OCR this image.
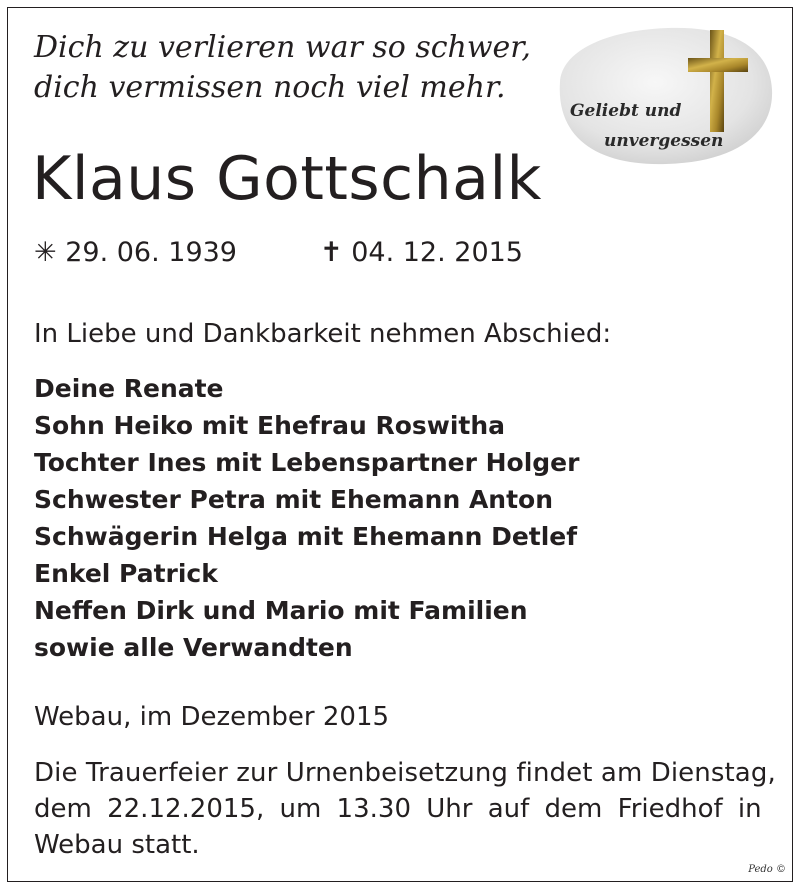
Dich zu verlieren war so schwer,
dich vermissen noch viel mehr.
Geliebt und
unvergessen
Klaus Gottschalk
✳ 29. 06. 1939	✝ 04. 12. 2015
In Liebe und Dankbarkeit nehmen Abschied:
Deine Renate
Sohn Heiko mit Ehefrau Roswitha
Tochter Ines mit Lebenspartner Holger
Schwester Petra mit Ehemann Anton
Schwägerin Helga mit Ehemann Detlef
Enkel Patrick
Neffen Dirk und Mario mit Familien
sowie alle Verwandten
Webau, im Dezember 2015
Die Trauerfeier zur Urnenbeisetzung findet am Dienstag,
dem 22.12.2015, um 13.30 Uhr auf dem Friedhof in
Webau statt.
Pedo ©
